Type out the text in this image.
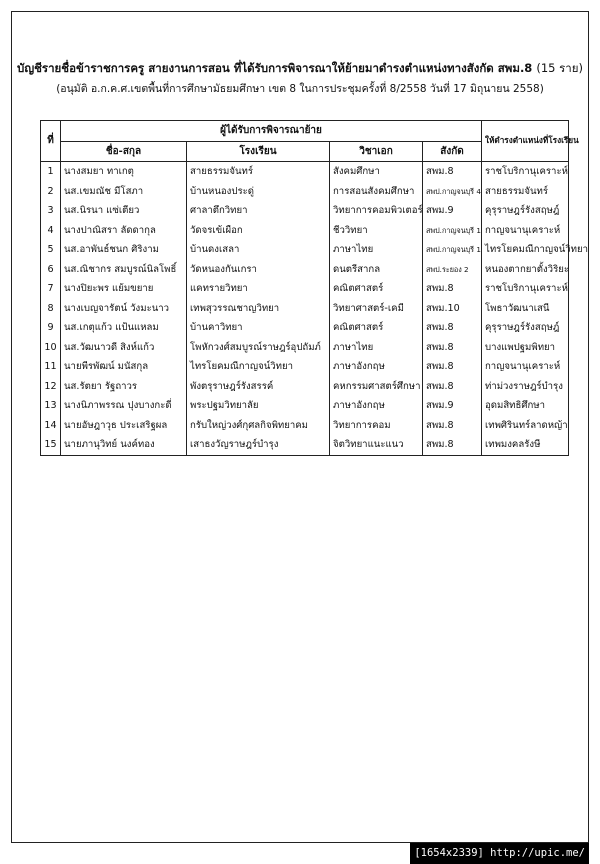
บัญชีรายชื่อข้าราชการครู สายงานการสอน ที่ได้รับการพิจารณาให้ย้ายมาดำรงตำแหน่งทางสังกัด สพม.8 (15 ราย)
(อนุมัติ อ.ก.ค.ศ.เขตพื้นที่การศึกษามัธยมศึกษา เขต 8 ในการประชุมครั้งที่ 8/2558 วันที่ 17 มิถุนายน 2558)
ที่	ผู้ได้รับการพิจารณาย้าย				ให้ดำรงตำแหน่งที่โรงเรียน
	ชื่อ-สกุล	โรงเรียน	วิชาเอก	สังกัด	
1	นางสมยา ทาเกตุ	สายธรรมจันทร์	สังคมศึกษา	สพม.8	ราชโบริกานุเคราะห์
2	นส.เขมณัช มีโสภา	บ้านหนองประดู่	การสอนสังคมศึกษา	สพป.กาญจนบุรี 4	สายธรรมจันทร์
3	นส.นิรนา แซ่เตียว	ศาลาตึกวิทยา	วิทยาการคอมพิวเตอร์	สพม.9	คุรุราษฎร์รังสฤษฎ์
4	นางปาณิสรา ลัดดากุล	วัดจรเข้เผือก	ชีววิทยา	สพป.กาญจนบุรี 1	กาญจนานุเคราะห์
5	นส.อาพันธ์ชนก ศิริงาม	บ้านดงเสลา	ภาษาไทย	สพป.กาญจนบุรี 1	ไทรโยคมณีกาญจน์วิทยา
6	นส.ณิชากร สมบูรณ์นิลโพธิ์	วัดหนองกันเกรา	ดนตรีสากล	สพป.ระยอง 2	หนองตากยาตั้งวิริยะ
7	นางปิยะพร แย้มขยาย	แคทรายวิทยา	คณิตศาสตร์	สพม.8	ราชโบริกานุเคราะห์
8	นางเบญจารัตน์ วังมะนาว	เทพสุวรรณชาญวิทยา	วิทยาศาสตร์-เคมี	สพม.10	โพธาวัฒนาเสนี
9	นส.เกตุแก้ว แป้นแหลม	บ้านคาวิทยา	คณิตศาสตร์	สพม.8	คุรุราษฎร์รังสฤษฎ์
10	นส.วัฒนาวดี สิงห์แก้ว	โพหักวงศ์สมบูรณ์ราษฎร์อุปถัมภ์	ภาษาไทย	สพม.8	บางแพปฐมพิทยา
11	นายพีรพัฒน์ มนัสกุล	ไทรโยคมณีกาญจน์วิทยา	ภาษาอังกฤษ	สพม.8	กาญจนานุเคราะห์
12	นส.รัตยา รัฐถาวร	พังตรุราษฎร์รังสรรค์	คหกรรมศาสตร์ศึกษา	สพม.8	ท่าม่วงราษฎร์บำรุง
13	นางนิภาพรรณ ปุงบางกะดี่	พระปฐมวิทยาลัย	ภาษาอังกฤษ	สพม.9	อุดมสิทธิศึกษา
14	นายอัษฎาวุธ ประเสริฐผล	กรับใหญ่วงศ์กุศลกิจพิทยาคม	วิทยาการคอม	สพม.8	เทพศิรินทร์ลาดหญ้า
15	นายภานุวิทย์ นงค์ทอง	เสาธงวัญราษฎร์บำรุง	จิตวิทยาแนะแนว	สพม.8	เทพมงคลรังษี
[1654x2339] http://upic.me/
